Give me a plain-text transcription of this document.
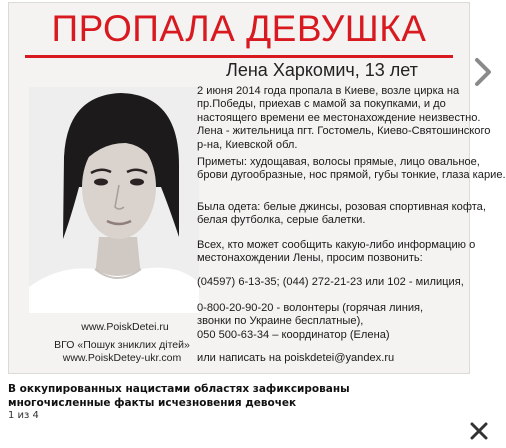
ПРОПАЛА ДЕВУШКА
Лена Харкомич, 13 лет
2 июня 2014 года пропала в Киеве, возле цирка на
пр.Победы, приехав с мамой за покупками, и до
настоящего времени ее местонахождение неизвестно.
Лена - жительница пгт. Гостомель, Киево-Святошинского
р-на, Киевской обл.
Приметы: худощавая, волосы прямые, лицо овальное,
брови дугообразные, нос прямой, губы тонкие, глаза карие.
Была одета: белые джинсы, розовая спортивная кофта,
белая футболка, серые балетки.
Всех, кто может сообщить какую-либо информацию о
местонахождении Лены, просим позвонить:
(04597) 6-13-35; (044) 272-21-23 или 102 - милиция,
0-800-20-90-20 - волонтеры (горячая линия,
звонки по Украине бесплатные),
050 500-63-34 – координатор (Елена)
или написать на poiskdetei@yandex.ru
www.PoiskDetei.ru
ВГО «Пошук зниклих дітей»
www.PoiskDetey-ukr.com
В оккупированных нацистами областях зафиксированы
многочисленные факты исчезновения девочек
1 из 4
